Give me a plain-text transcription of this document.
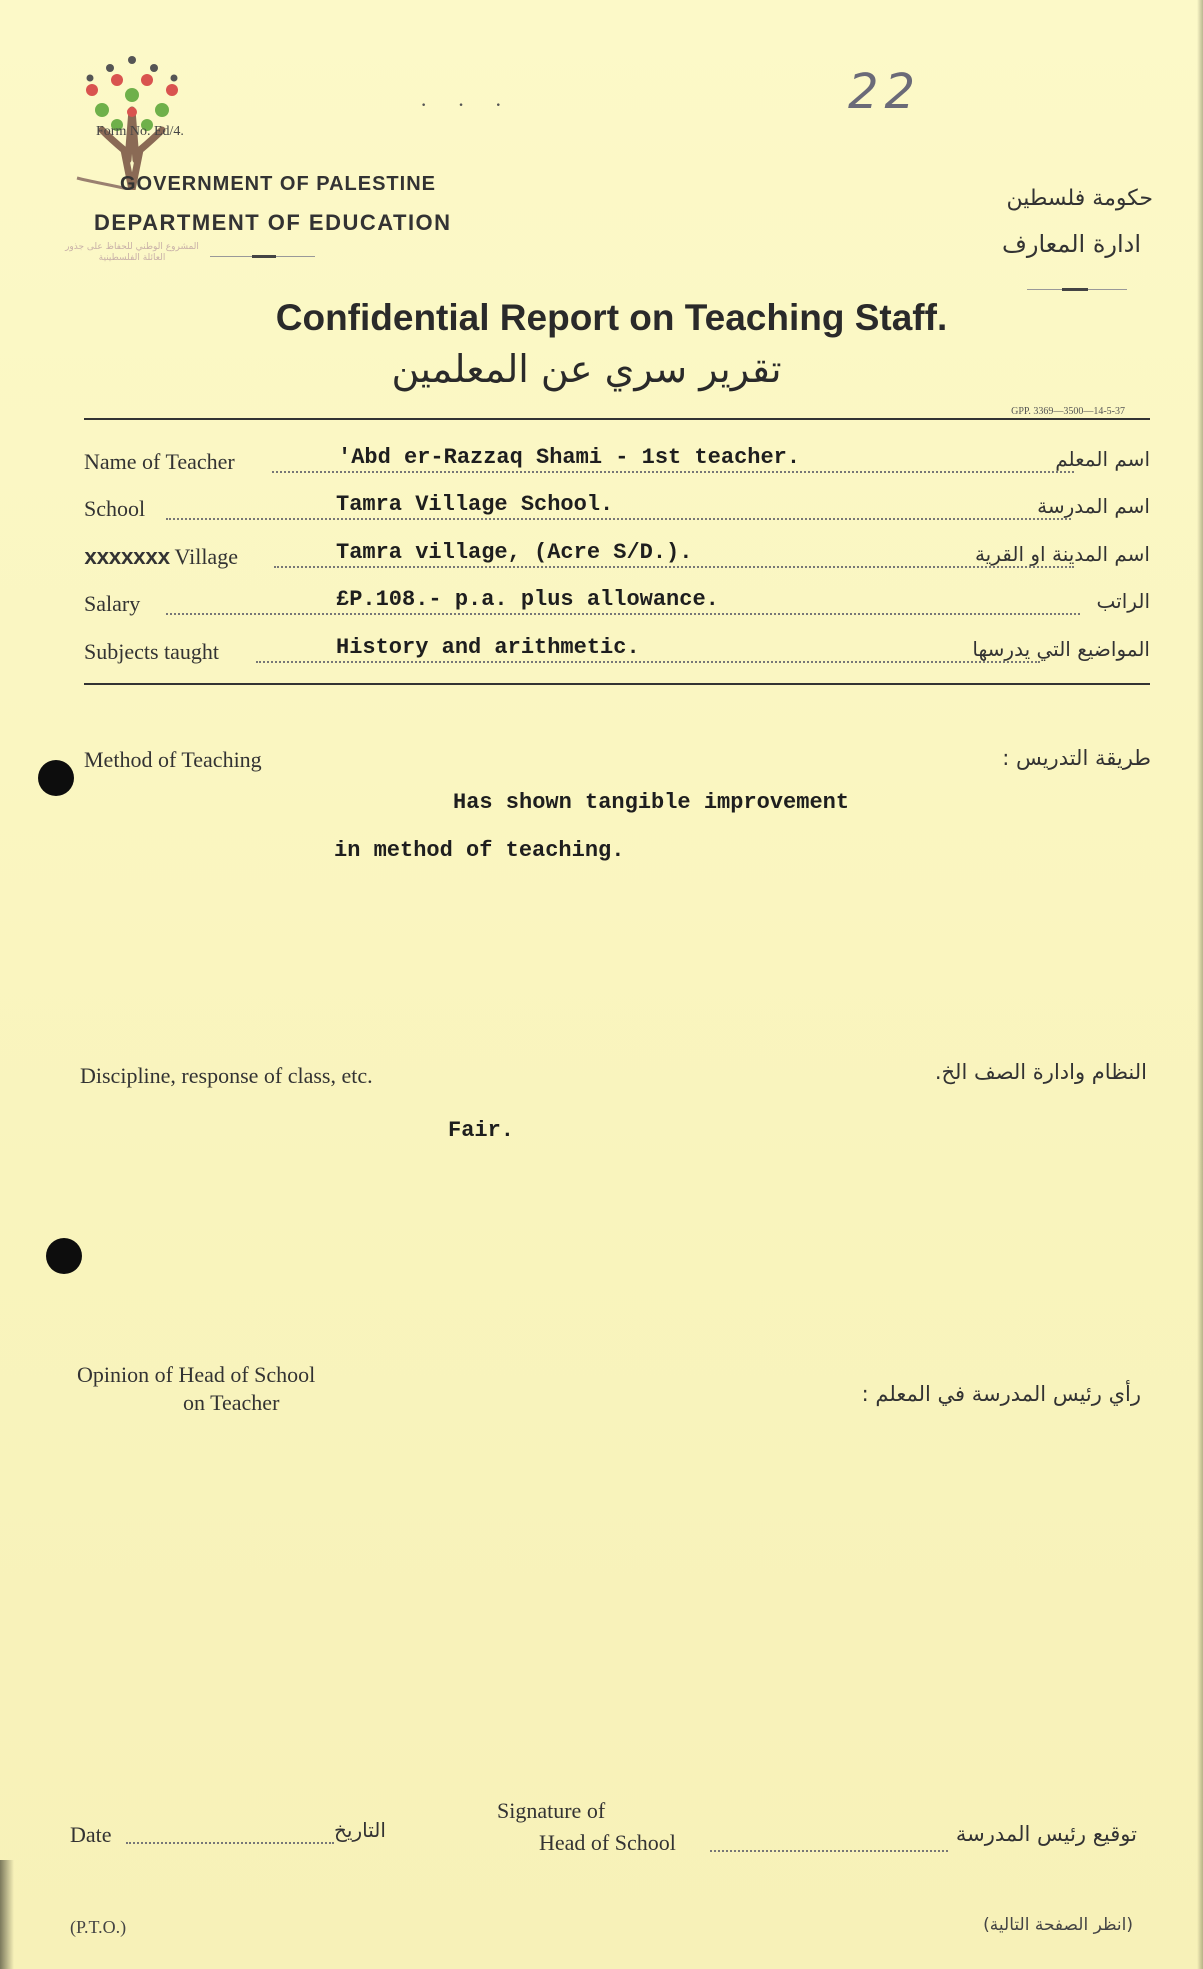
المشروع الوطني للحفاظ على جذور العائلة الفلسطينية
Form No. Ed/4.
GOVERNMENT OF PALESTINE
DEPARTMENT OF EDUCATION
حكومة فلسطين
ادارة المعارف
22
···
Confidential Report on Teaching Staff.
تقرير سري عن المعلمين
GPP. 3369—3500—14-5-37
Name of Teacher	'Abd er-Razzaq Shami - 1st teacher.	اسم المعلم
School	Tamra Village School.	اسم المدرسة
xxxxxxx Village	Tamra village, (Acre S/D.).	اسم المدينة او القرية
Salary	£P.108.- p.a. plus allowance.	الراتب
Subjects taught	History and arithmetic.	المواضيع التي يدرسها
Method of Teaching	طريقة التدريس :
Has shown tangible improvement
in method of teaching.
Discipline, response of class, etc.	النظام وادارة الصف الخ.
Fair.
Opinion of Head of School
on Teacher	رأي رئيس المدرسة في المعلم :
Date	التاريخ
Signature of
Head of School	توقيع رئيس المدرسة
(P.T.O.)	(انظر الصفحة التالية)
